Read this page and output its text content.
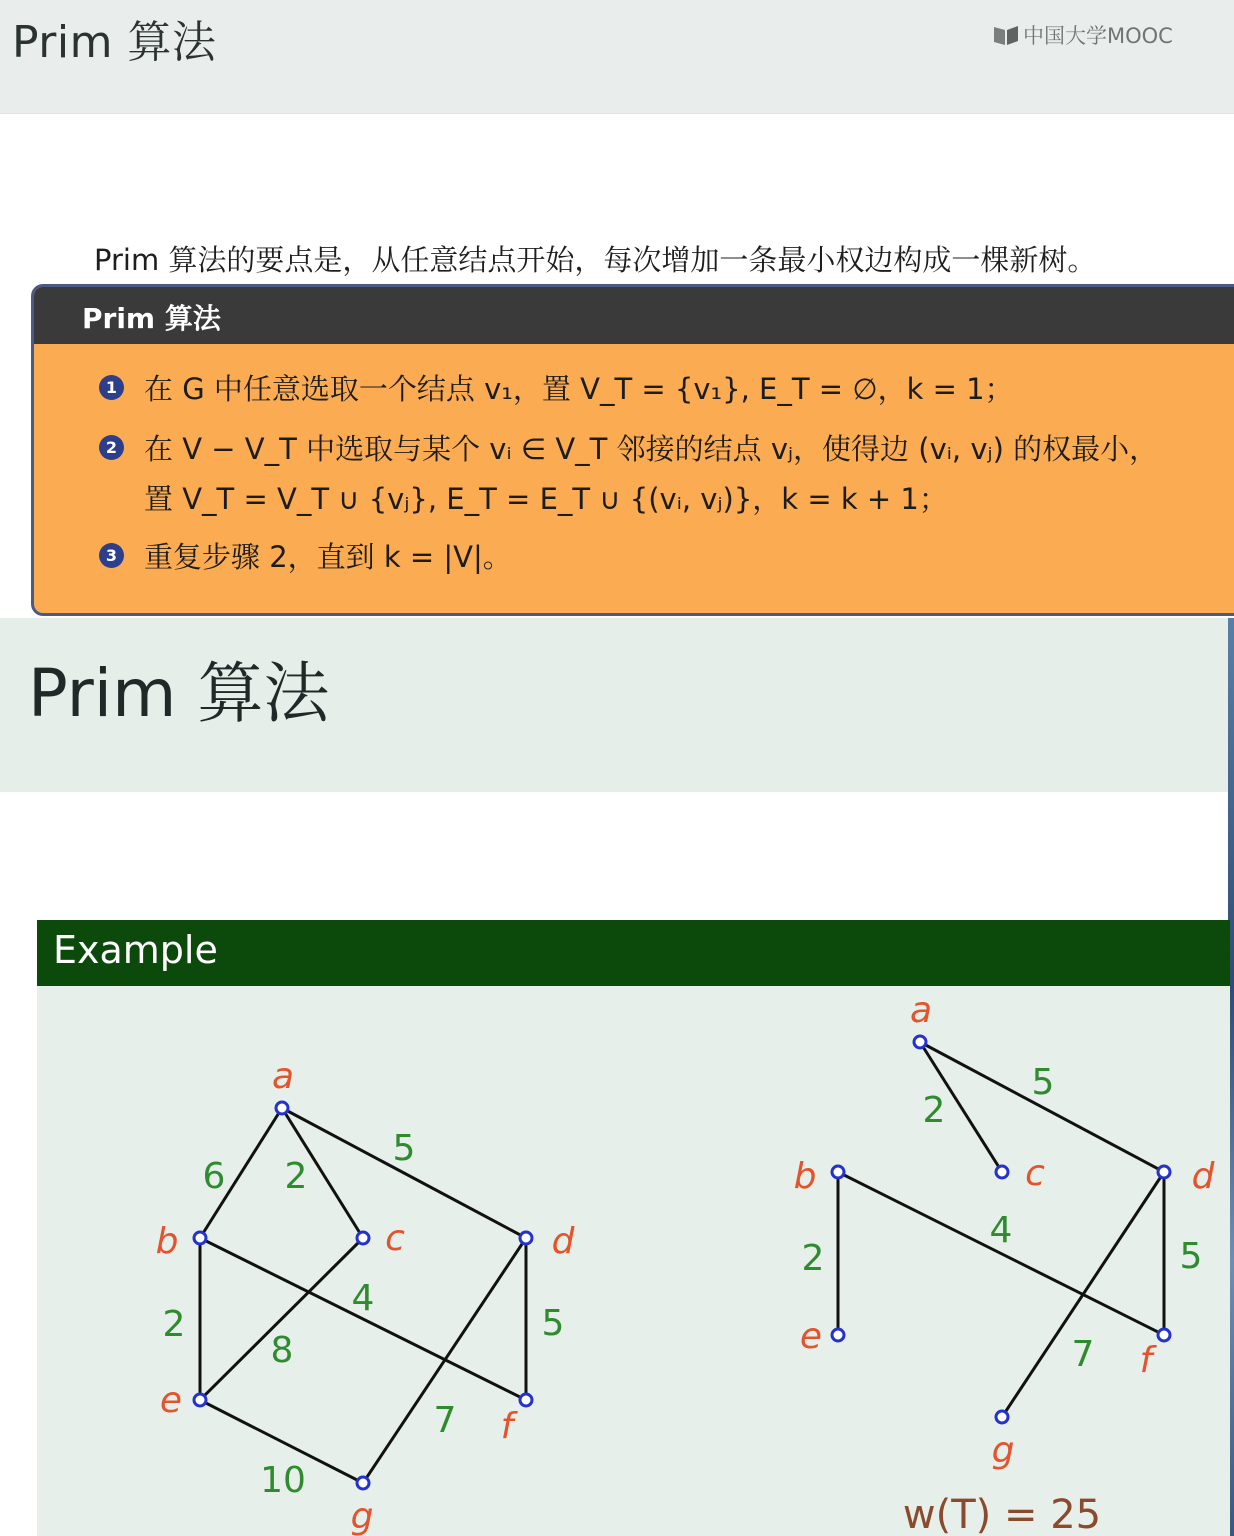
Prim 算法	中国大学MOOC
Prim 算法的要点是，从任意结点开始，每次增加一条最小权边构成一棵新树。
Prim 算法
1 在 G 中任意选取一个结点 v₁，置 V_T = {v₁}, E_T = ∅，k = 1；
2 在 V − V_T 中选取与某个 vᵢ ∈ V_T 邻接的结点 vⱼ，使得边 (vᵢ, vⱼ) 的权最小，
置 V_T = V_T ∪ {vⱼ}, E_T = E_T ∪ {(vᵢ, vⱼ)}，k = k + 1；
3 重复步骤 2，直到 k = |V|。
Prim 算法
Example
6 2
5
2
4
8
5
7
10
a
b	c	d
e
f
g
2
5
2
4
5
7
a
b	c	d
e
f
g
w(T) = 25
